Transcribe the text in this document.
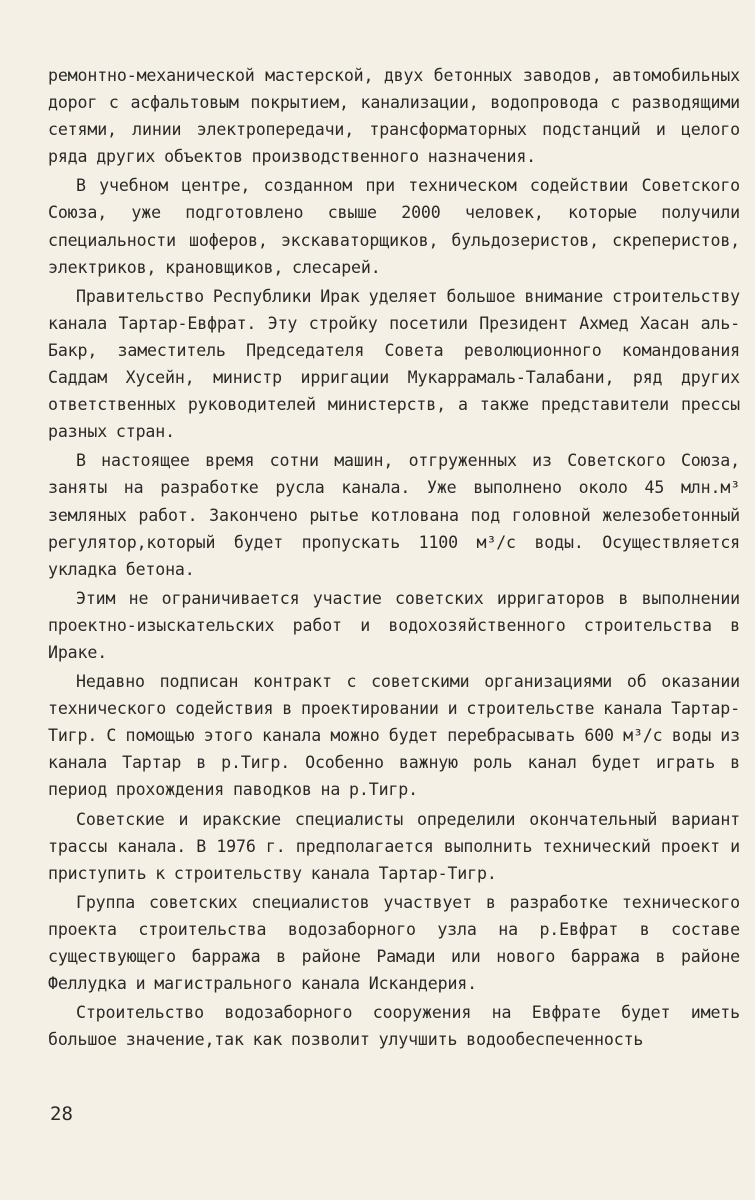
ремонтно-механической мастерской, двух бетонных заводов, автомобильных дорог с асфальтовым покрытием, канализации, водопровода с разводящими сетями, линии электропередачи, трансформаторных подстанций и целого ряда других объектов производственного назначения.

В учебном центре, созданном при техническом содействии Советского Союза, уже подготовлено свыше 2000 человек, которые получили специальности шоферов, экскаваторщиков, бульдозеристов, скреперистов, электриков, крановщиков, слесарей.

Правительство Республики Ирак уделяет большое внимание строительству канала Тартар-Евфрат. Эту стройку посетили Президент Ахмед Хасан аль-Бакр, заместитель Председателя Совета революционного командования Саддам Хусейн, министр ирригации Мукаррамаль-Талабани, ряд других ответственных руководителей министерств, а также представители прессы разных стран.

В настоящее время сотни машин, отгруженных из Советского Союза, заняты на разработке русла канала. Уже выполнено около 45 млн.м³ земляных работ. Закончено рытье котлована под головной железобетонный регулятор,который будет пропускать 1100 м³/с воды. Осуществляется укладка бетона.

Этим не ограничивается участие советских ирригаторов в выполнении проектно-изыскательских работ и водохозяйственного строительства в Ираке.

Недавно подписан контракт с советскими организациями об оказании технического содействия в проектировании и строительстве канала Тартар-Тигр. С помощью этого канала можно будет перебрасывать 600 м³/с воды из канала Тартар в р.Тигр. Особенно важную роль канал будет играть в период прохождения паводков на р.Тигр.

Советские и иракские специалисты определили окончательный вариант трассы канала. В 1976 г. предполагается выполнить технический проект и приступить к строительству канала Тартар-Тигр.

Группа советских специалистов участвует в разработке технического проекта строительства водозаборного узла на р.Евфрат в составе существующего барража в районе Рамади или нового барража в районе Феллудка и магистрального канала Искандерия.

Строительство водозаборного сооружения на Евфрате будет иметь большое значение,так как позволит улучшить водообеспеченность

28
